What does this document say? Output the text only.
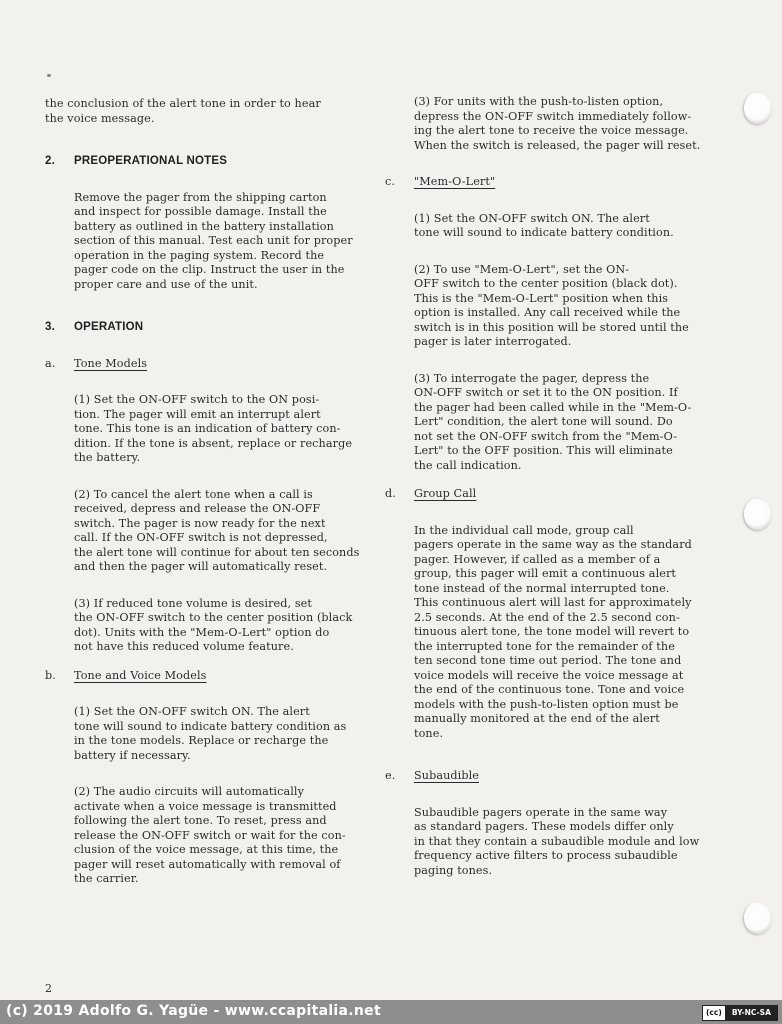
the conclusion of the alert tone in order to hear
the voice message.

2. PREOPERATIONAL NOTES

Remove the pager from the shipping carton
and inspect for possible damage. Install the
battery as outlined in the battery installation
section of this manual. Test each unit for proper
operation in the paging system. Record the
pager code on the clip. Instruct the user in the
proper care and use of the unit.

3. OPERATION
a.	Tone Models

(1) Set the ON-OFF switch to the ON posi-
tion. The pager will emit an interrupt alert
tone. This tone is an indication of battery con-
dition. If the tone is absent, replace or recharge
the battery.

(2) To cancel the alert tone when a call is
received, depress and release the ON-OFF
switch. The pager is now ready for the next
call. If the ON-OFF switch is not depressed,
the alert tone will continue for about ten seconds
and then the pager will automatically reset.

(3) If reduced tone volume is desired, set
the ON-OFF switch to the center position (black
dot). Units with the "Mem-O-Lert" option do
not have this reduced volume feature.

b.	Tone and Voice Models

(1) Set the ON-OFF switch ON. The alert
tone will sound to indicate battery condition as
in the tone models. Replace or recharge the
battery if necessary.

(2) The audio circuits will automatically
activate when a voice message is transmitted
following the alert tone. To reset, press and
release the ON-OFF switch or wait for the con-
clusion of the voice message, at this time, the
pager will reset automatically with removal of
the carrier.

(3) For units with the push-to-listen option,
depress the ON-OFF switch immediately follow-
ing the alert tone to receive the voice message.
When the switch is released, the pager will reset.

c.	"Mem-O-Lert"

(1) Set the ON-OFF switch ON. The alert
tone will sound to indicate battery condition.

(2) To use "Mem-O-Lert", set the ON-
OFF switch to the center position (black dot).
This is the "Mem-O-Lert" position when this
option is installed. Any call received while the
switch is in this position will be stored until the
pager is later interrogated.

(3) To interrogate the pager, depress the
ON-OFF switch or set it to the ON position. If
the pager had been called while in the "Mem-O-
Lert" condition, the alert tone will sound. Do
not set the ON-OFF switch from the "Mem-O-
Lert" to the OFF position. This will eliminate
the call indication.

d.	Group Call

In the individual call mode, group call
pagers operate in the same way as the standard
pager. However, if called as a member of a
group, this pager will emit a continuous alert
tone instead of the normal interrupted tone.
This continuous alert will last for approximately
2.5 seconds. At the end of the 2.5 second con-
tinuous alert tone, the tone model will revert to
the interrupted tone for the remainder of the
ten second tone time out period. The tone and
voice models will receive the voice message at
the end of the continuous tone. Tone and voice
models with the push-to-listen option must be
manually monitored at the end of the alert
tone.

e.	Subaudible

Subaudible pagers operate in the same way
as standard pagers. These models differ only
in that they contain a subaudible module and low
frequency active filters to process subaudible
paging tones.

2
(c) 2019 Adolfo G. Yagüe - www.ccapitalia.net	(cc)	BY-NC-SA
